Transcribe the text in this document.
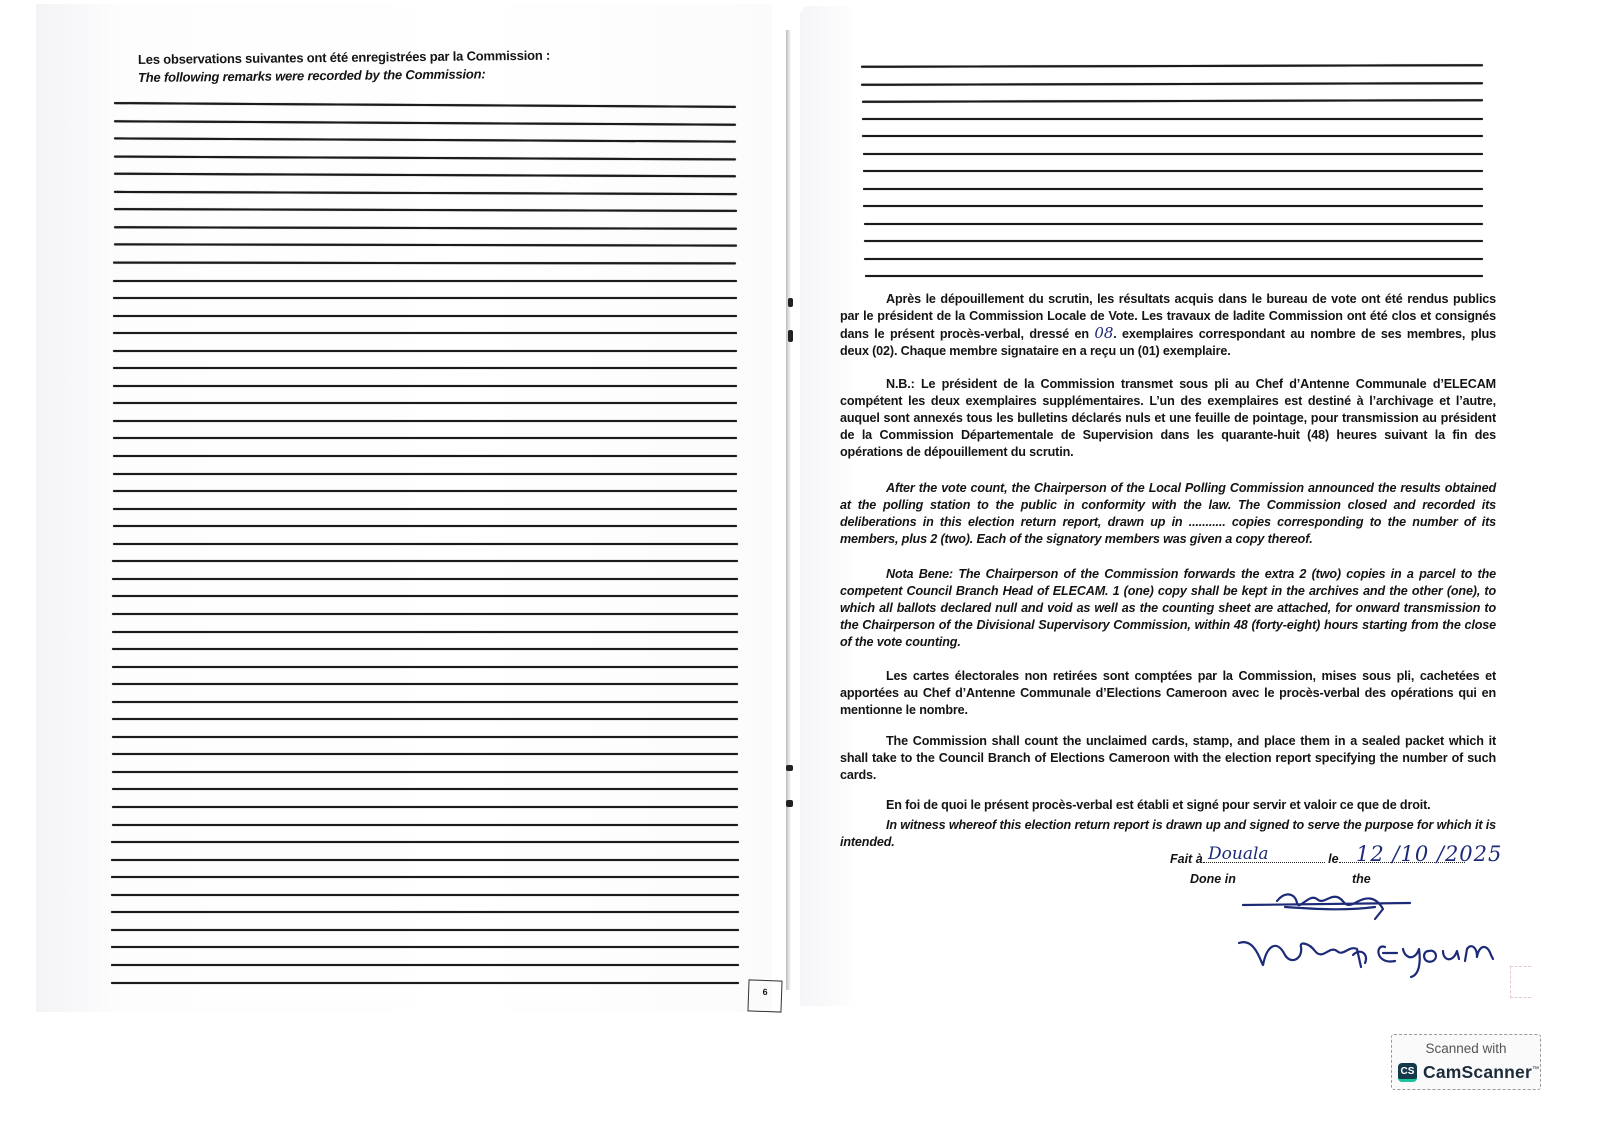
Les observations suivantes ont été enregistrées par la Commission :
The following remarks were recorded by the Commission:
6
Après le dépouillement du scrutin, les résultats acquis dans le bureau de vote ont été rendus publics par le président de la Commission Locale de Vote. Les travaux de ladite Commission ont été clos et consignés dans le présent procès-verbal, dressé en 08. exemplaires correspondant au nombre de ses membres, plus deux (02). Chaque membre signataire en a reçu un (01) exemplaire.
N.B.: Le président de la Commission transmet sous pli au Chef d’Antenne Communale d’ELECAM compétent les deux exemplaires supplémentaires. L’un des exemplaires est destiné à l’archivage et l’autre, auquel sont annexés tous les bulletins déclarés nuls et une feuille de pointage, pour transmission au président de la Commission Départementale de Supervision dans les quarante-huit (48) heures suivant la fin des opérations de dépouillement du scrutin.
After the vote count, the Chairperson of the Local Polling Commission announced the results obtained at the polling station to the public in conformity with the law. The Commission closed and recorded its deliberations in this election return report, drawn up in ........... copies corresponding to the number of its members, plus 2 (two). Each of the signatory members was given a copy thereof.
Nota Bene: The Chairperson of the Commission forwards the extra 2 (two) copies in a parcel to the competent Council Branch Head of ELECAM. 1 (one) copy shall be kept in the archives and the other (one), to which all ballots declared null and void as well as the counting sheet are attached, for onward transmission to the Chairperson of the Divisional Supervisory Commission, within 48 (forty-eight) hours starting from the close of the vote counting.
Les cartes électorales non retirées sont comptées par la Commission, mises sous pli, cachetées et apportées au Chef d’Antenne Communale d’Elections Cameroon avec le procès-verbal des opérations qui en mentionne le nombre.
The Commission shall count the unclaimed cards, stamp, and place them in a sealed packet which it shall take to the Council Branch of Elections Cameroon with the election report specifying the number of such cards.
En foi de quoi le présent procès-verbal est établi et signé pour servir et valoir ce que de droit.
In witness whereof this election return report is drawn up and signed to serve the purpose for which it is intended.
Fait à	le
Douala	12 /10 /2025
Done in	the
Scanned with
CS CamScanner™
